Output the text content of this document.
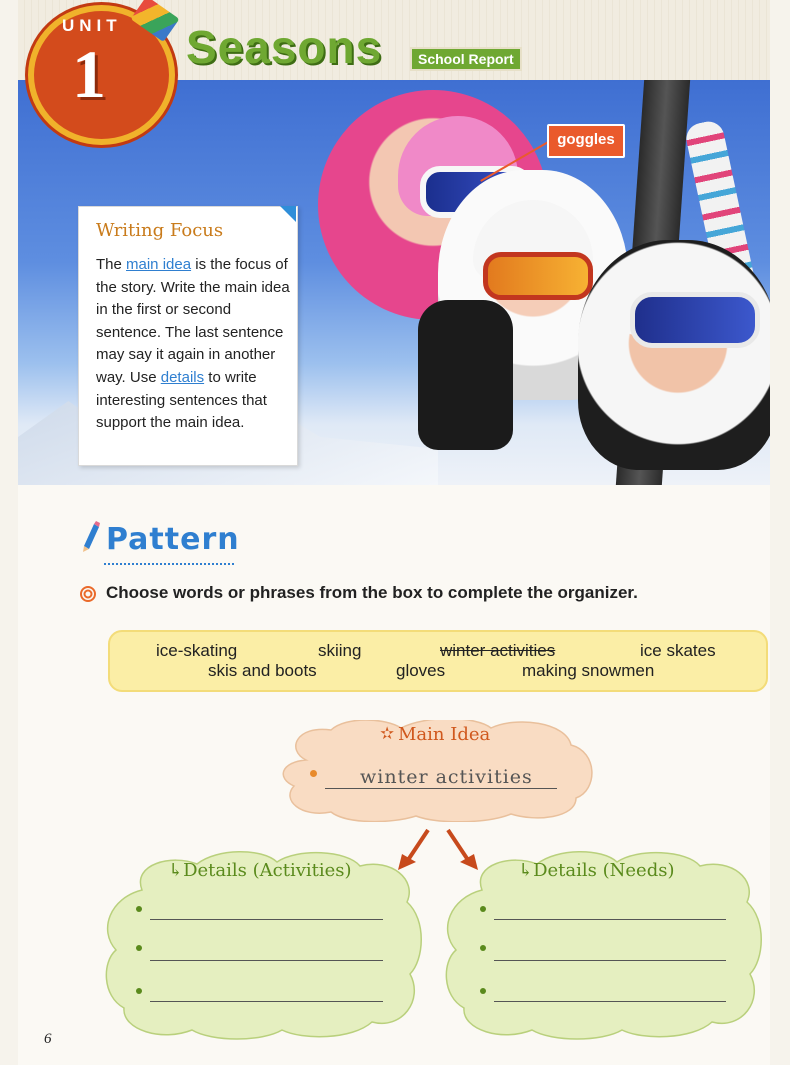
goggles
UNIT
1 Seasons	School Report
Writing Focus
The main idea is the focus of the story. Write the main idea in the first or second sentence. The last sentence may say it again in another way. Use details to write interesting sentences that support the main idea.
Pattern
Choose words or phrases from the box to complete the organizer.
ice-skating	skiing	winter activities	ice skates
skis and boots	gloves	making snowmen
✫ Main Idea
winter activities
↳Details (Activities)	↳Details (Needs)
6
